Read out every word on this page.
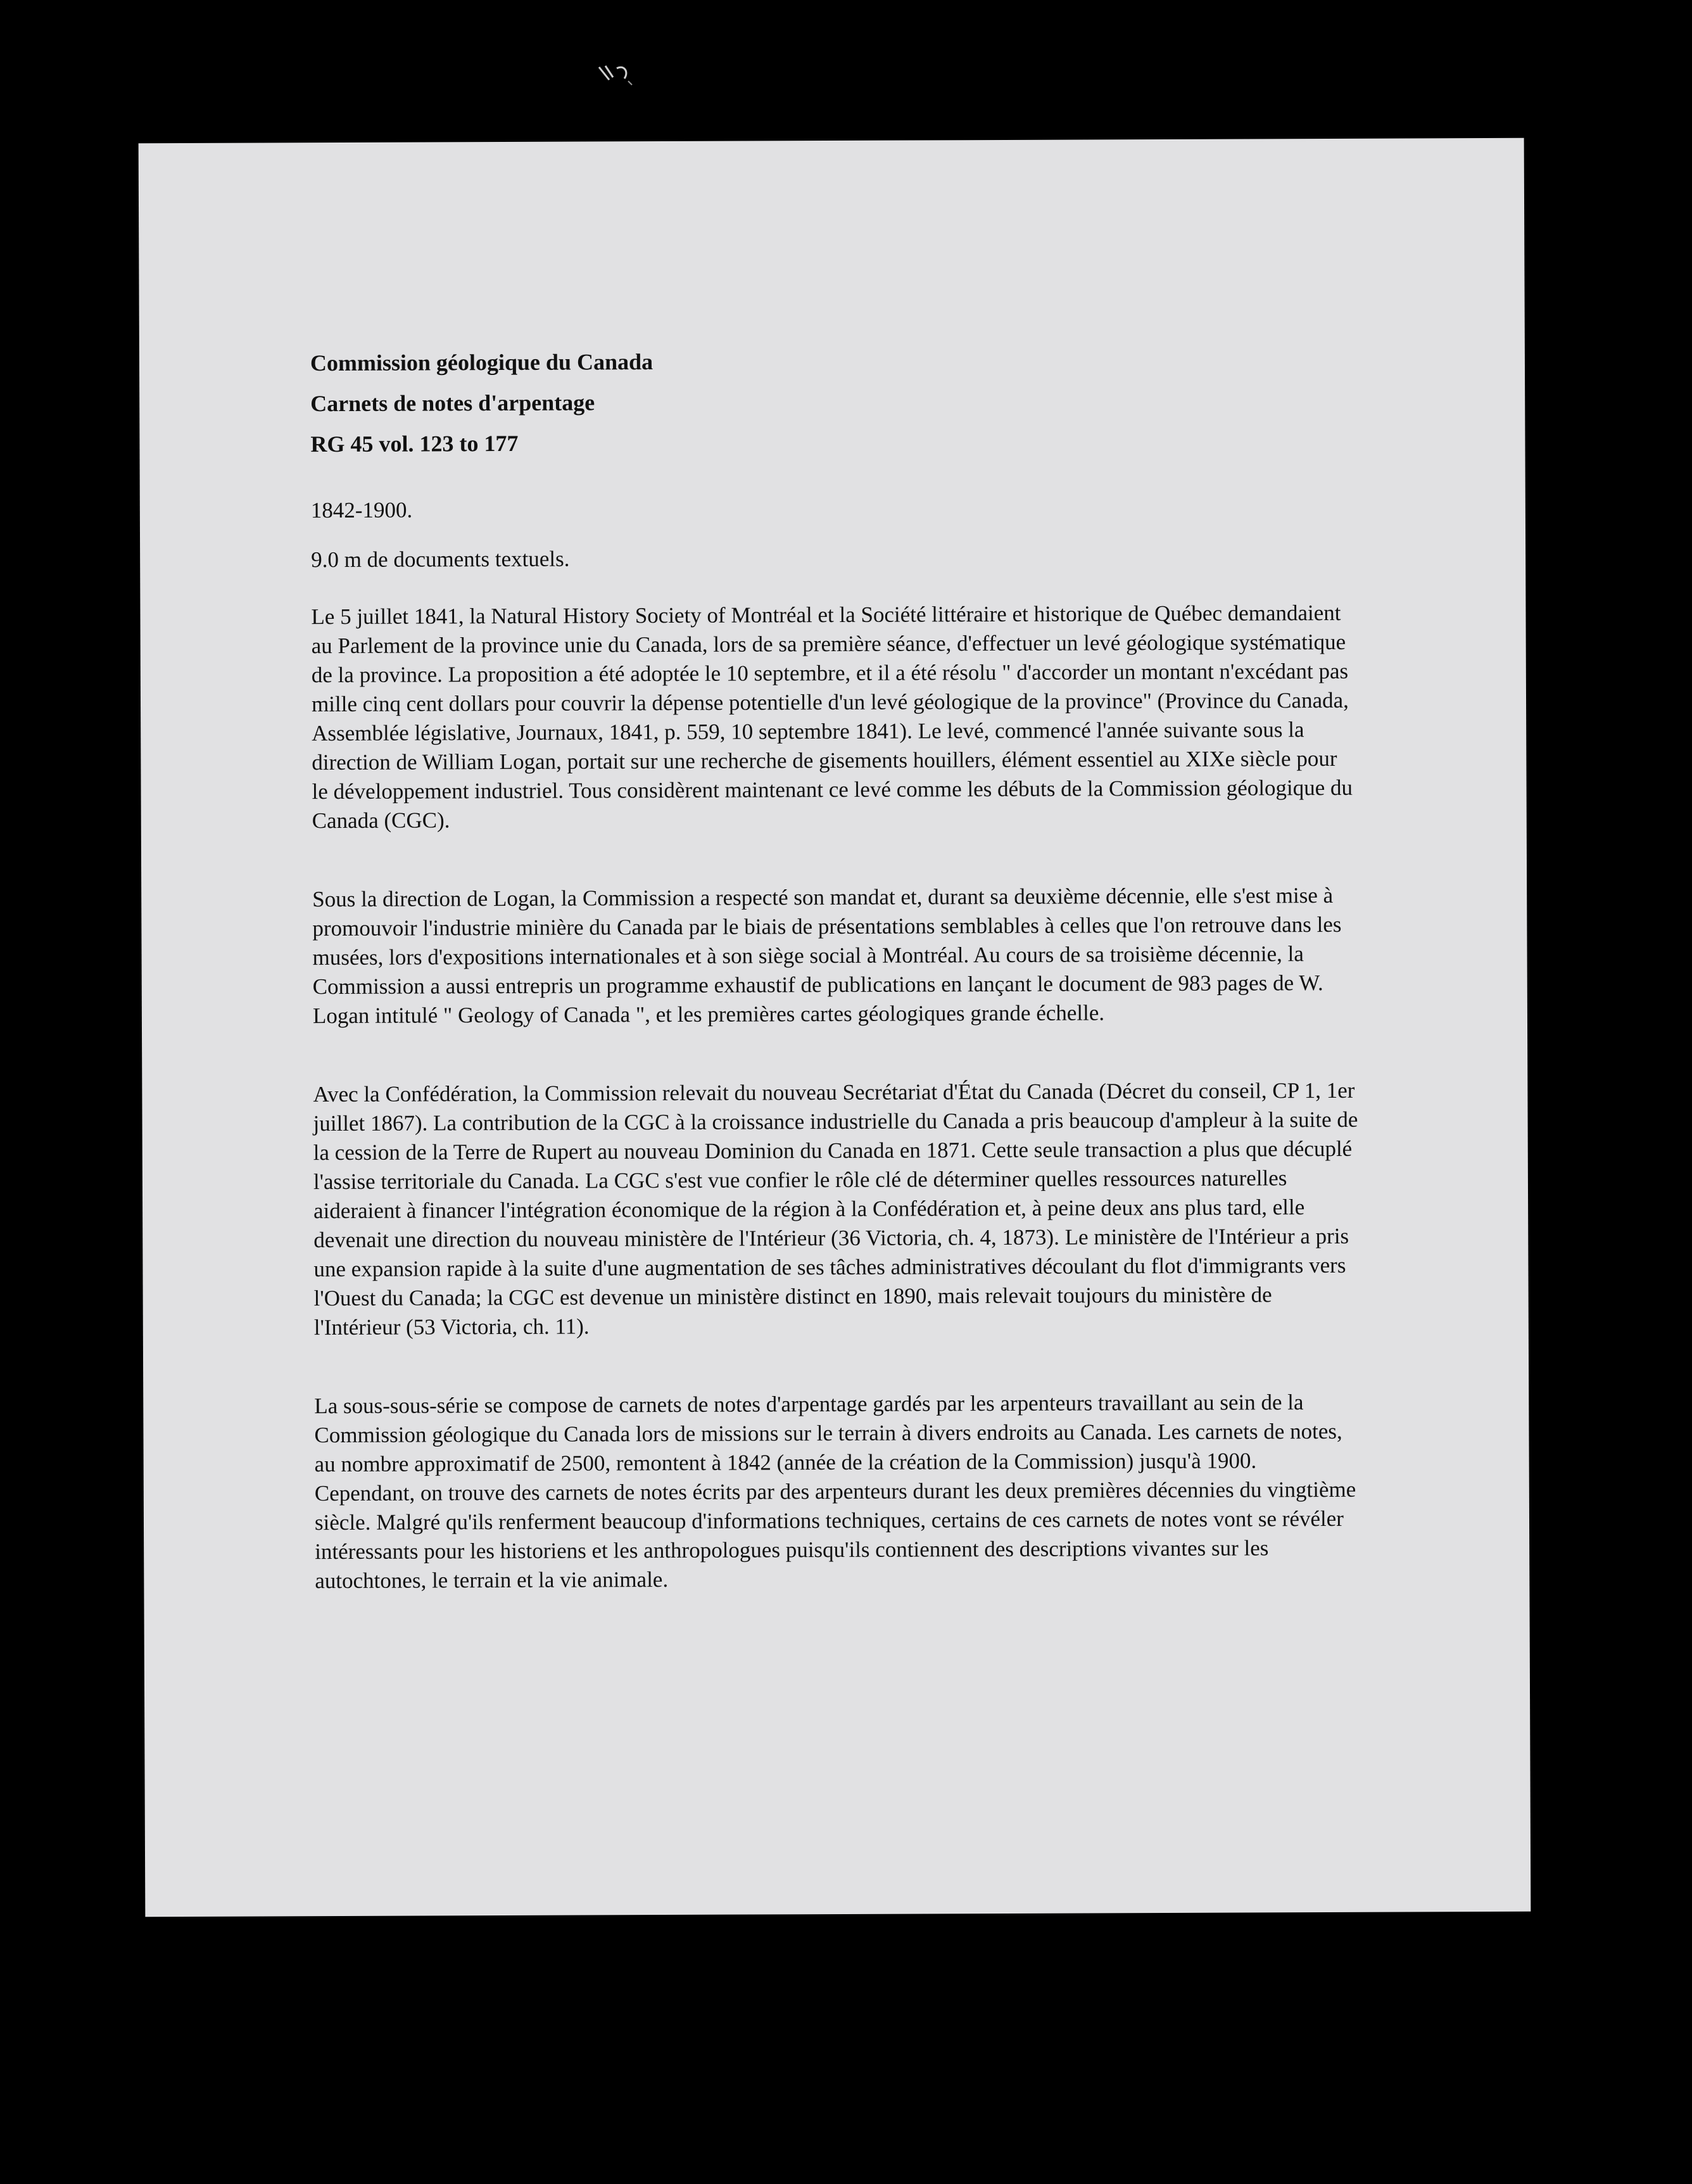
Commission géologique du Canada

Carnets de notes d'arpentage

RG 45 vol. 123 to 177

1842-1900.

9.0 m de documents textuels.

Le 5 juillet 1841, la Natural History Society of Montréal et la Société littéraire et historique de Québec demandaient au Parlement de la province unie du Canada, lors de sa première séance, d'effectuer un levé géologique systématique de la province. La proposition a été adoptée le 10 septembre, et il a été résolu " d'accorder un montant n'excédant pas mille cinq cent dollars pour couvrir la dépense potentielle d'un levé géologique de la province" (Province du Canada, Assemblée législative, Journaux, 1841, p. 559, 10 septembre 1841). Le levé, commencé l'année suivante sous la direction de William Logan, portait sur une recherche de gisements houillers, élément essentiel au XIXe siècle pour le développement industriel. Tous considèrent maintenant ce levé comme les débuts de la Commission géologique du Canada (CGC).

Sous la direction de Logan, la Commission a respecté son mandat et, durant sa deuxième décennie, elle s'est mise à promouvoir l'industrie minière du Canada par le biais de présentations semblables à celles que l'on retrouve dans les musées, lors d'expositions internationales et à son siège social à Montréal. Au cours de sa troisième décennie, la Commission a aussi entrepris un programme exhaustif de publications en lançant le document de 983 pages de W. Logan intitulé " Geology of Canada ", et les premières cartes géologiques grande échelle.

Avec la Confédération, la Commission relevait du nouveau Secrétariat d'État du Canada (Décret du conseil, CP 1, 1er juillet 1867). La contribution de la CGC à la croissance industrielle du Canada a pris beaucoup d'ampleur à la suite de la cession de la Terre de Rupert au nouveau Dominion du Canada en 1871. Cette seule transaction a plus que décuplé l'assise territoriale du Canada. La CGC s'est vue confier le rôle clé de déterminer quelles ressources naturelles aideraient à financer l'intégration économique de la région à la Confédération et, à peine deux ans plus tard, elle devenait une direction du nouveau ministère de l'Intérieur (36 Victoria, ch. 4, 1873). Le ministère de l'Intérieur a pris une expansion rapide à la suite d'une augmentation de ses tâches administratives découlant du flot d'immigrants vers l'Ouest du Canada; la CGC est devenue un ministère distinct en 1890, mais relevait toujours du ministère de l'Intérieur (53 Victoria, ch. 11).

La sous-sous-série se compose de carnets de notes d'arpentage gardés par les arpenteurs travaillant au sein de la Commission géologique du Canada lors de missions sur le terrain à divers endroits au Canada. Les carnets de notes, au nombre approximatif de 2500, remontent à 1842 (année de la création de la Commission) jusqu'à 1900. Cependant, on trouve des carnets de notes écrits par des arpenteurs durant les deux premières décennies du vingtième siècle. Malgré qu'ils renferment beaucoup d'informations techniques, certains de ces carnets de notes vont se révéler intéressants pour les historiens et les anthropologues puisqu'ils contiennent des descriptions vivantes sur les autochtones, le terrain et la vie animale.
